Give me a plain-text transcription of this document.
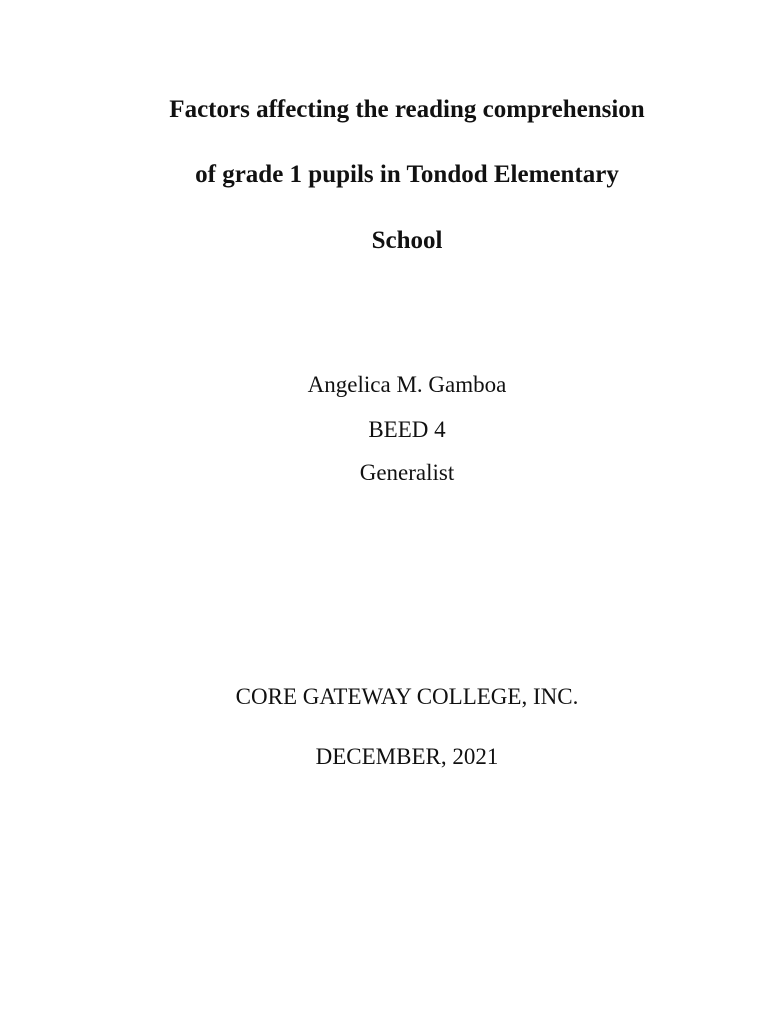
Factors affecting the reading comprehension
of grade 1 pupils in Tondod Elementary
School
Angelica M. Gamboa
BEED 4
Generalist
CORE GATEWAY COLLEGE, INC.
DECEMBER, 2021
